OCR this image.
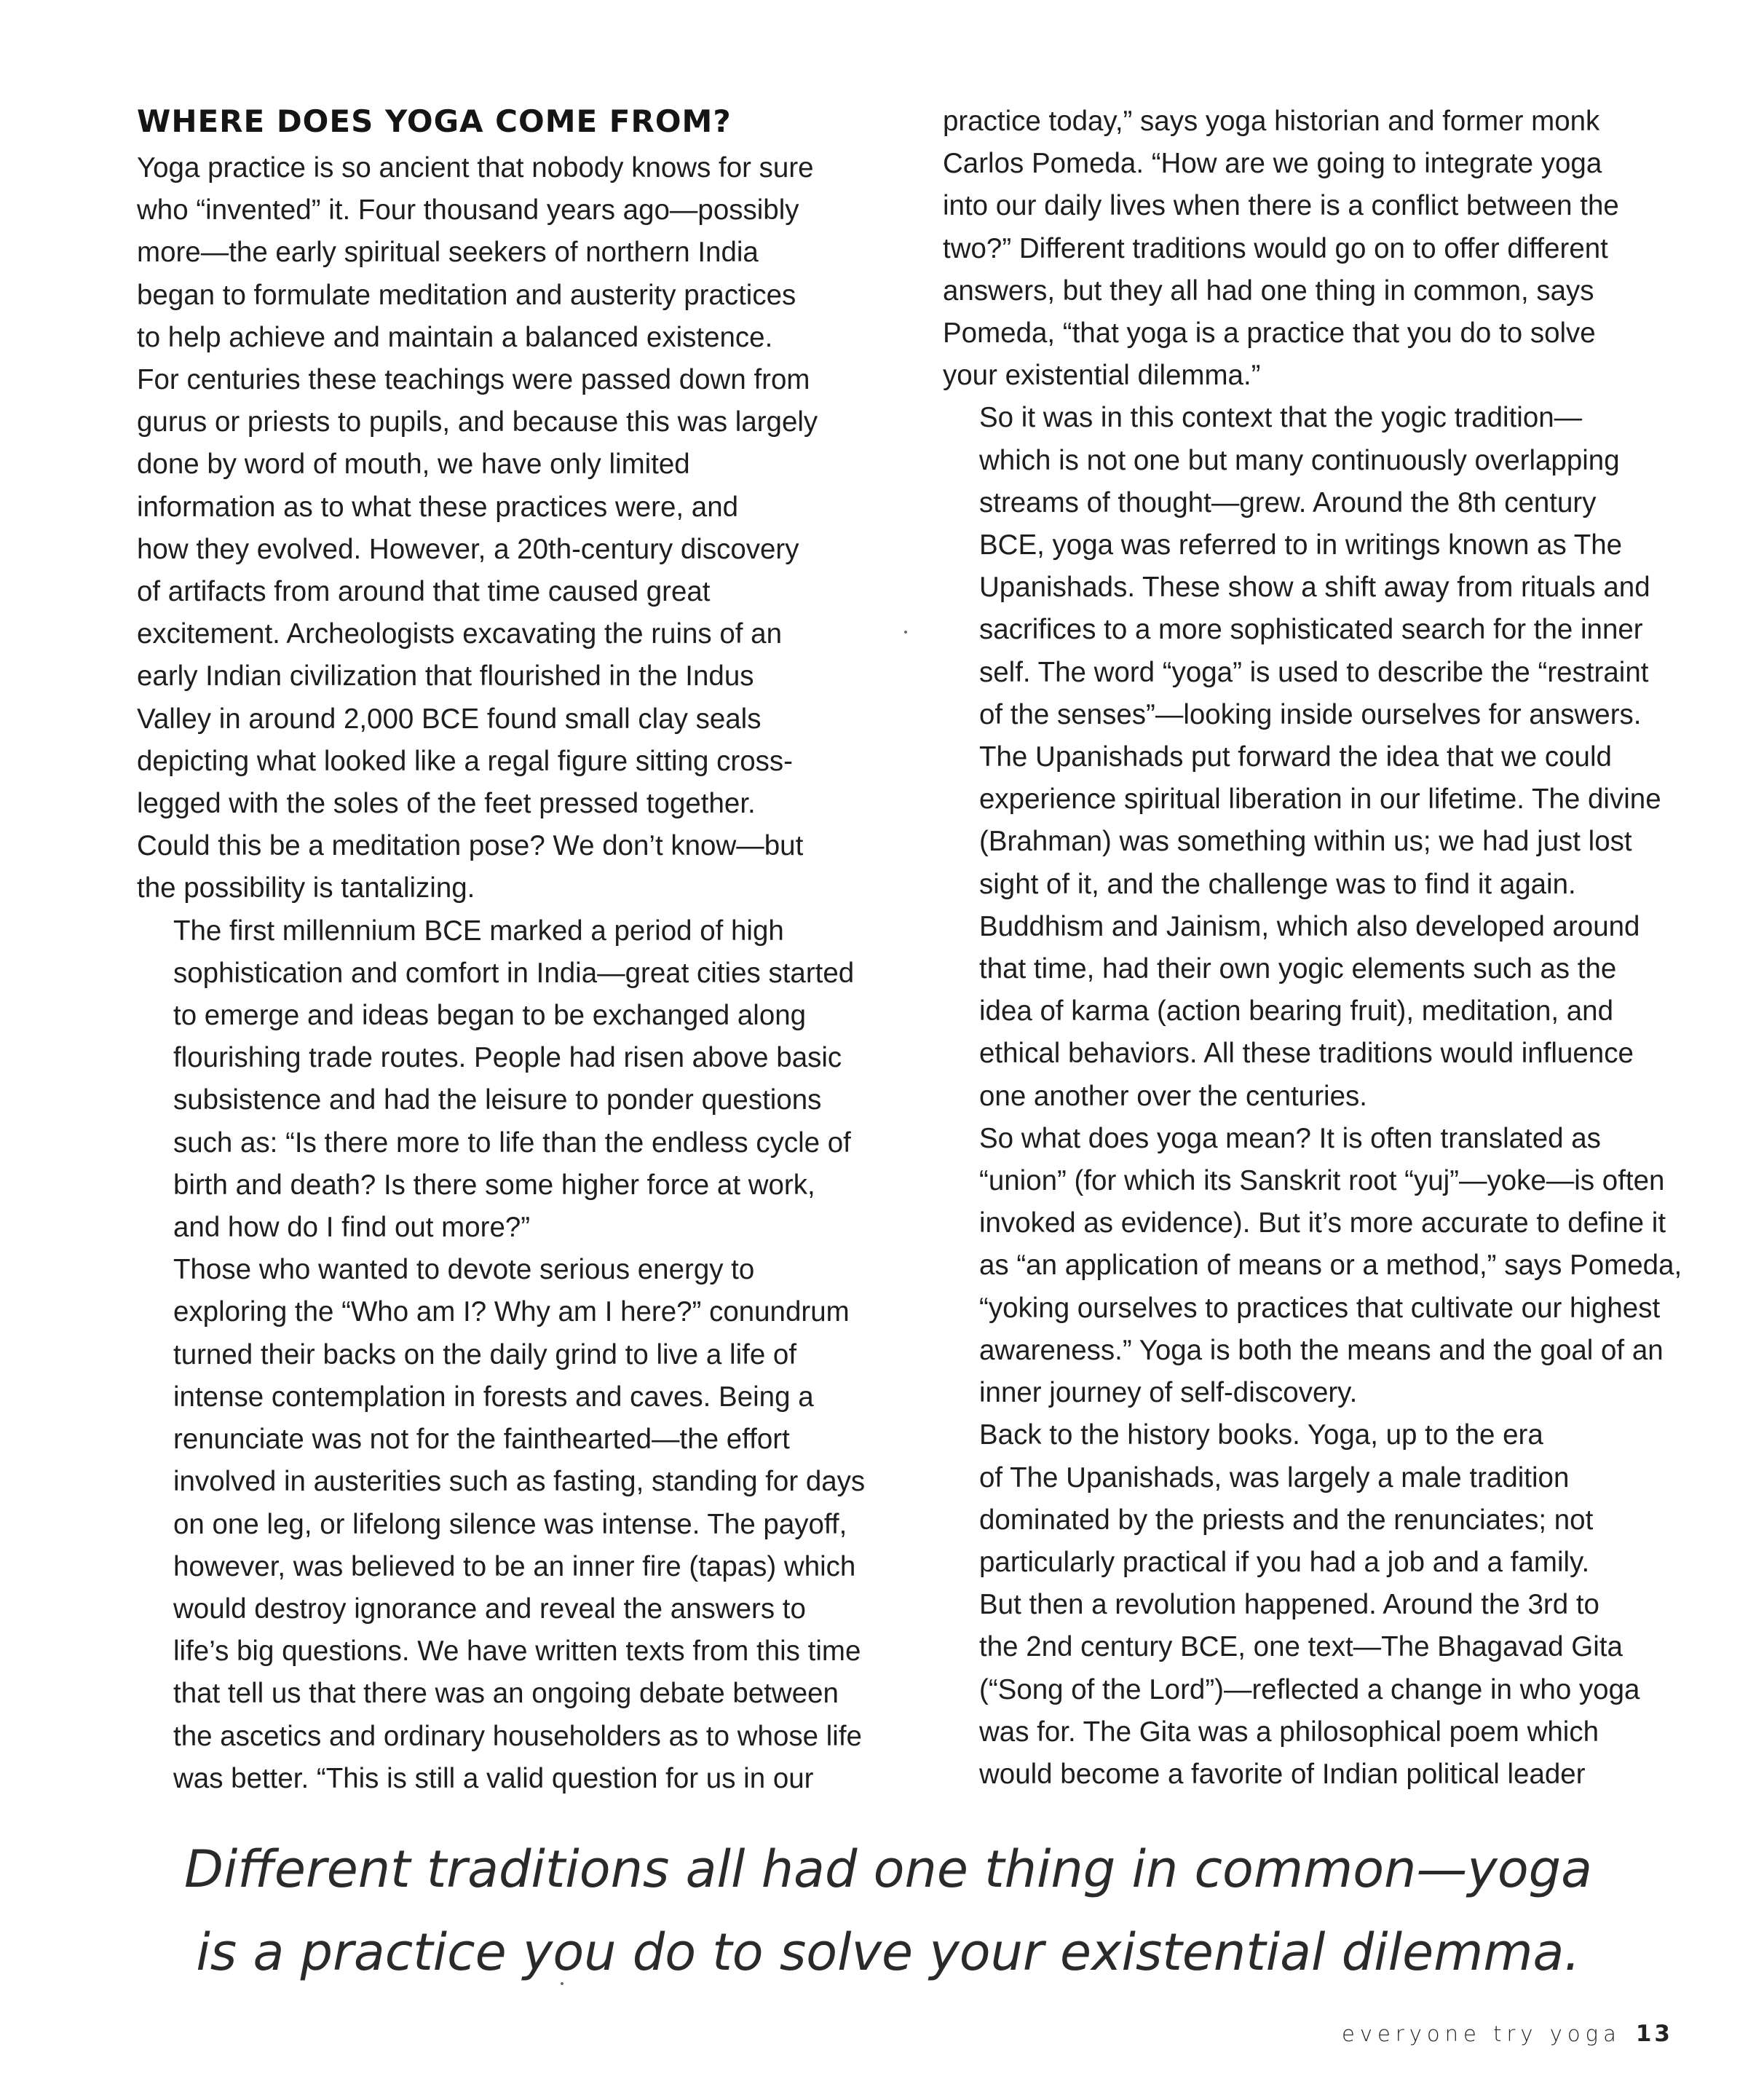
WHERE DOES YOGA COME FROM?
Yoga practice is so ancient that nobody knows for sure
who “invented” it. Four thousand years ago—possibly
more—the early spiritual seekers of northern India
began to formulate meditation and austerity practices
to help achieve and maintain a balanced existence.
For centuries these teachings were passed down from
gurus or priests to pupils, and because this was largely
done by word of mouth, we have only limited
information as to what these practices were, and
how they evolved. However, a 20th-century discovery
of artifacts from around that time caused great
excitement. Archeologists excavating the ruins of an
early Indian civilization that flourished in the Indus
Valley in around 2,000 BCE found small clay seals
depicting what looked like a regal figure sitting cross-
legged with the soles of the feet pressed together.
Could this be a meditation pose? We don’t know—but
the possibility is tantalizing.
The first millennium BCE marked a period of high
sophistication and comfort in India—great cities started
to emerge and ideas began to be exchanged along
flourishing trade routes. People had risen above basic
subsistence and had the leisure to ponder questions
such as: “Is there more to life than the endless cycle of
birth and death? Is there some higher force at work,
and how do I find out more?”
Those who wanted to devote serious energy to
exploring the “Who am I? Why am I here?” conundrum
turned their backs on the daily grind to live a life of
intense contemplation in forests and caves. Being a
renunciate was not for the fainthearted—the effort
involved in austerities such as fasting, standing for days
on one leg, or lifelong silence was intense. The payoff,
however, was believed to be an inner fire (tapas) which
would destroy ignorance and reveal the answers to
life’s big questions. We have written texts from this time
that tell us that there was an ongoing debate between
the ascetics and ordinary householders as to whose life
was better. “This is still a valid question for us in our
practice today,” says yoga historian and former monk
Carlos Pomeda. “How are we going to integrate yoga
into our daily lives when there is a conflict between the
two?” Different traditions would go on to offer different
answers, but they all had one thing in common, says
Pomeda, “that yoga is a practice that you do to solve
your existential dilemma.”
So it was in this context that the yogic tradition—
which is not one but many continuously overlapping
streams of thought—grew. Around the 8th century
BCE, yoga was referred to in writings known as The
Upanishads. These show a shift away from rituals and
sacrifices to a more sophisticated search for the inner
self. The word “yoga” is used to describe the “restraint
of the senses”—looking inside ourselves for answers.
The Upanishads put forward the idea that we could
experience spiritual liberation in our lifetime. The divine
(Brahman) was something within us; we had just lost
sight of it, and the challenge was to find it again.
Buddhism and Jainism, which also developed around
that time, had their own yogic elements such as the
idea of karma (action bearing fruit), meditation, and
ethical behaviors. All these traditions would influence
one another over the centuries.
So what does yoga mean? It is often translated as
“union” (for which its Sanskrit root “yuj”—yoke—is often
invoked as evidence). But it’s more accurate to define it
as “an application of means or a method,” says Pomeda,
“yoking ourselves to practices that cultivate our highest
awareness.” Yoga is both the means and the goal of an
inner journey of self-discovery.
Back to the history books. Yoga, up to the era
of The Upanishads, was largely a male tradition
dominated by the priests and the renunciates; not
particularly practical if you had a job and a family.
But then a revolution happened. Around the 3rd to
the 2nd century BCE, one text—The Bhagavad Gita
(“Song of the Lord”)—reflected a change in who yoga
was for. The Gita was a philosophical poem which
would become a favorite of Indian political leader
Different traditions all had one thing in common—yoga
is a practice you do to solve your existential dilemma.
everyone try yoga 13
